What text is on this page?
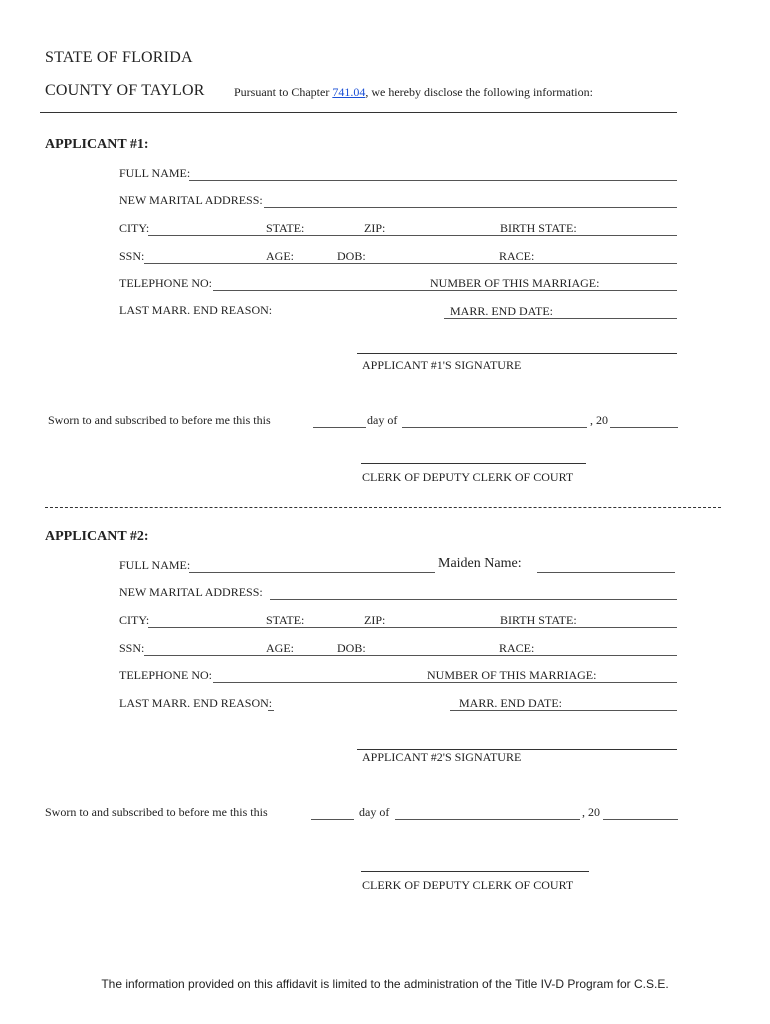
STATE OF FLORIDA
COUNTY OF TAYLOR Pursuant to Chapter 741.04, we hereby disclose the following information:
APPLICANT #1:
FULL NAME:
NEW MARITAL ADDRESS:
CITY:	STATE:	ZIP:	BIRTH STATE:
SSN:	AGE:	DOB:	RACE:
TELEPHONE NO:	NUMBER OF THIS MARRIAGE:
LAST MARR. END REASON:	MARR. END DATE:
APPLICANT #1'S SIGNATURE
Sworn to and subscribed to before me this this	day of	, 20
CLERK OF DEPUTY CLERK OF COURT
APPLICANT #2:
FULL NAME:	Maiden Name:
NEW MARITAL ADDRESS:
CITY:	STATE:	ZIP:	BIRTH STATE:
SSN:	AGE:	DOB:	RACE:
TELEPHONE NO:	NUMBER OF THIS MARRIAGE:
LAST MARR. END REASON:	MARR. END DATE:
APPLICANT #2'S SIGNATURE
Sworn to and subscribed to before me this this	day of	, 20
CLERK OF DEPUTY CLERK OF COURT
The information provided on this affidavit is limited to the administration of the Title IV-D Program for C.S.E.
